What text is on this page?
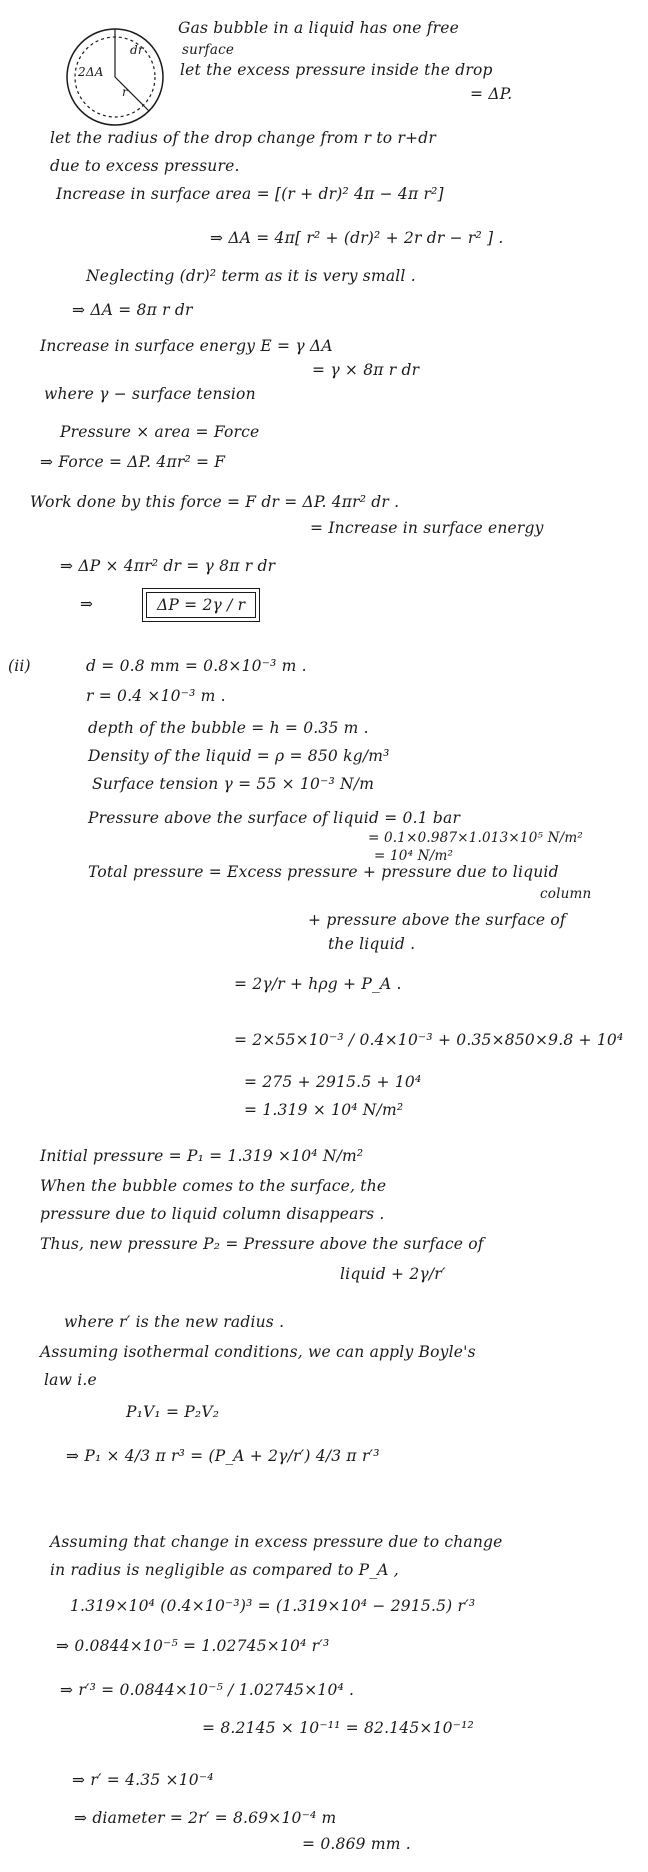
2ΔA
r
dr
Gas bubble in a liquid has one free
surface
let the excess pressure inside the drop
= ΔP.
let the radius of the drop change from r to r+dr
due to excess pressure.
Increase in surface area = [(r + dr)² 4π − 4π r²]
⇒ ΔA = 4π[ r² + (dr)² + 2r dr − r² ] .
Neglecting (dr)² term as it is very small .
⇒ ΔA = 8π r dr
Increase in surface energy E = γ ΔA
= γ × 8π r dr
where γ − surface tension
Pressure × area = Force
⇒ Force = ΔP. 4πr² = F
Work done by this force = F dr = ΔP. 4πr² dr .
= Increase in surface energy
⇒ ΔP × 4πr² dr = γ 8π r dr
⇒	ΔP = 2γ / r
(ii)	d = 0.8 mm = 0.8×10⁻³ m .
r = 0.4 ×10⁻³ m .
depth of the bubble = h = 0.35 m .
Density of the liquid = ρ = 850 kg/m³
Surface tension γ = 55 × 10⁻³ N/m
Pressure above the surface of liquid = 0.1 bar
= 0.1×0.987×1.013×10⁵ N/m²
= 10⁴ N/m²
Total pressure = Excess pressure + pressure due to liquid
column
+ pressure above the surface of
the liquid .
= 2γ/r + hρg + P_A .
= 2×55×10⁻³ / 0.4×10⁻³ + 0.35×850×9.8 + 10⁴
= 275 + 2915.5 + 10⁴
= 1.319 × 10⁴ N/m²
Initial pressure = P₁ = 1.319 ×10⁴ N/m²
When the bubble comes to the surface, the
pressure due to liquid column disappears .
Thus, new pressure P₂ = Pressure above the surface of
liquid + 2γ/r′
where r′ is the new radius .
Assuming isothermal conditions, we can apply Boyle's
law i.e
P₁V₁ = P₂V₂
⇒ P₁ × 4/3 π r³ = (P_A + 2γ/r′) 4/3 π r′³
Assuming that change in excess pressure due to change
in radius is negligible as compared to P_A ,
1.319×10⁴ (0.4×10⁻³)³ = (1.319×10⁴ − 2915.5) r′³
⇒ 0.0844×10⁻⁵ = 1.02745×10⁴ r′³
⇒ r′³ = 0.0844×10⁻⁵ / 1.02745×10⁴ .
= 8.2145 × 10⁻¹¹ = 82.145×10⁻¹²
⇒ r′ = 4.35 ×10⁻⁴
⇒ diameter = 2r′ = 8.69×10⁻⁴ m
= 0.869 mm .
